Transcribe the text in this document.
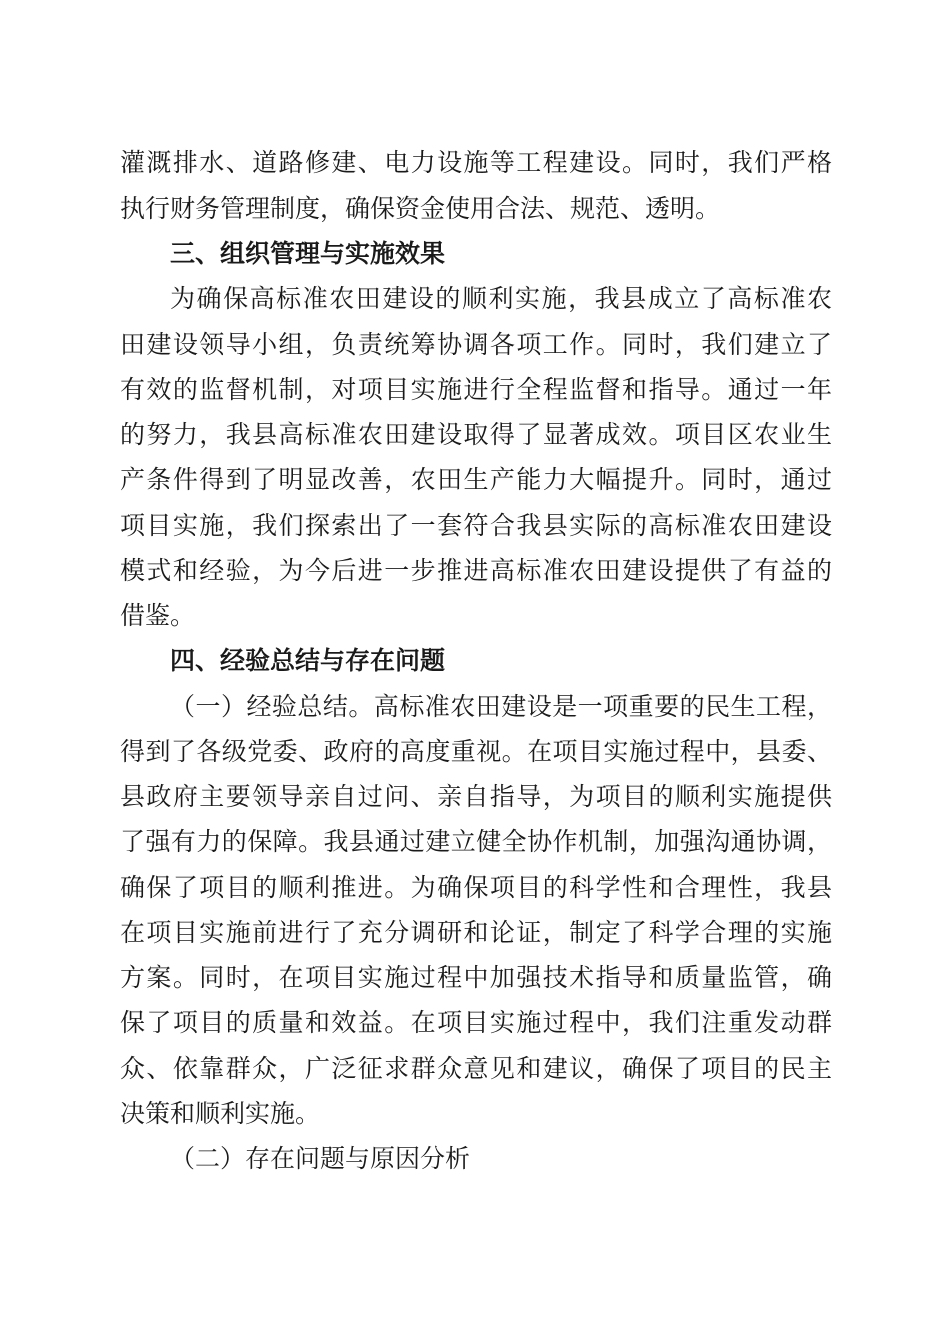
灌溉排水、道路修建、电力设施等工程建设。同时，我们严格
执行财务管理制度，确保资金使用合法、规范、透明。
三、组织管理与实施效果
为确保高标准农田建设的顺利实施，我县成立了高标准农
田建设领导小组，负责统筹协调各项工作。同时，我们建立了
有效的监督机制，对项目实施进行全程监督和指导。通过一年
的努力，我县高标准农田建设取得了显著成效。项目区农业生
产条件得到了明显改善，农田生产能力大幅提升。同时，通过
项目实施，我们探索出了一套符合我县实际的高标准农田建设
模式和经验，为今后进一步推进高标准农田建设提供了有益的
借鉴。
四、经验总结与存在问题
（一）经验总结。高标准农田建设是一项重要的民生工程，
得到了各级党委、政府的高度重视。在项目实施过程中，县委、
县政府主要领导亲自过问、亲自指导，为项目的顺利实施提供
了强有力的保障。我县通过建立健全协作机制，加强沟通协调，
确保了项目的顺利推进。为确保项目的科学性和合理性，我县
在项目实施前进行了充分调研和论证，制定了科学合理的实施
方案。同时，在项目实施过程中加强技术指导和质量监管，确
保了项目的质量和效益。在项目实施过程中，我们注重发动群
众、依靠群众，广泛征求群众意见和建议，确保了项目的民主
决策和顺利实施。
（二）存在问题与原因分析
